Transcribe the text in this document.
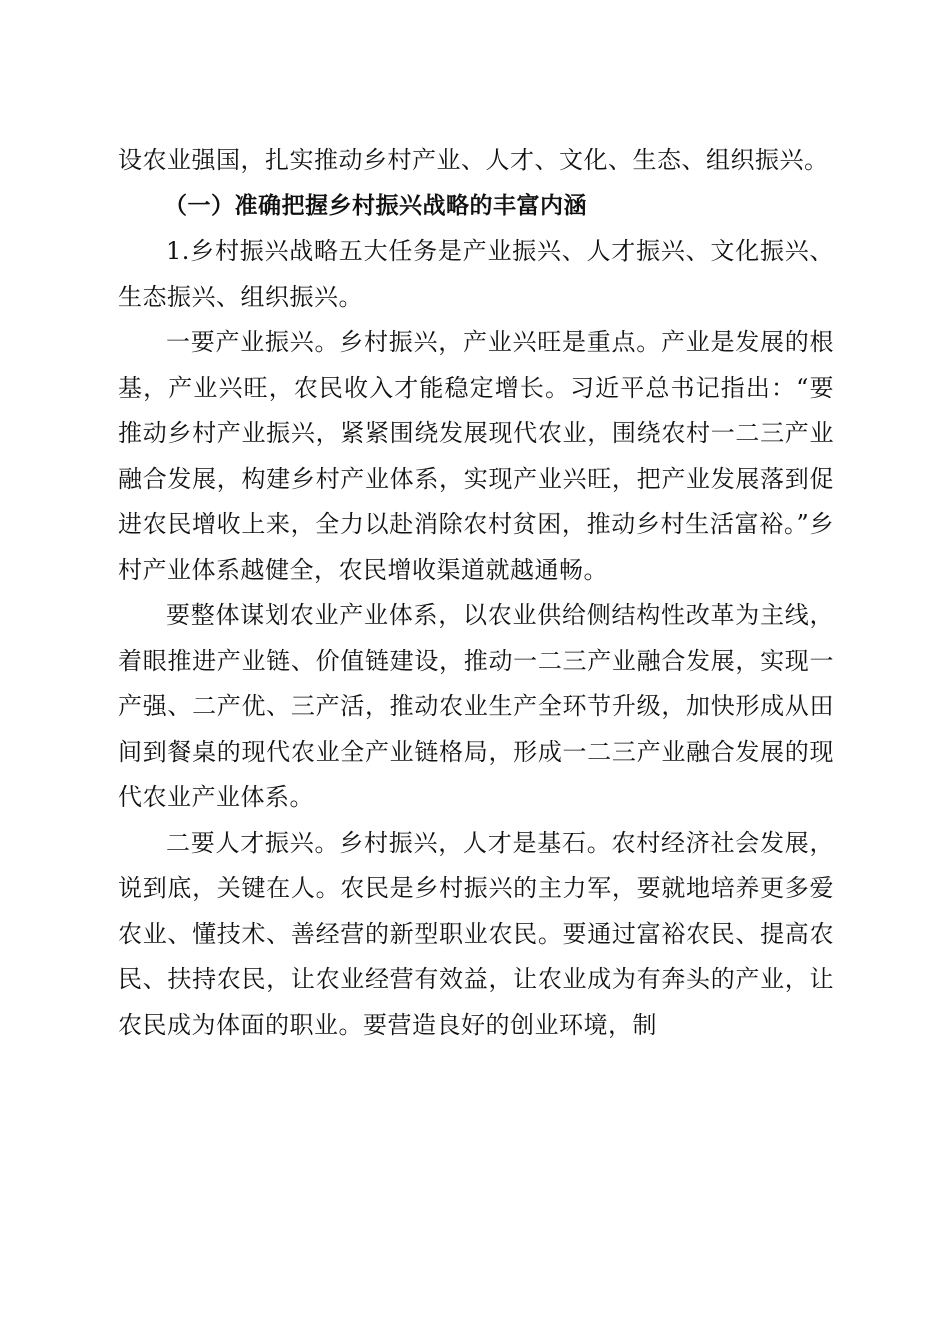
设农业强国，扎实推动乡村产业、人才、文化、生态、组织振兴。

（一）准确把握乡村振兴战略的丰富内涵

1.乡村振兴战略五大任务是产业振兴、人才振兴、文化振兴、生态振兴、组织振兴。

一要产业振兴。乡村振兴，产业兴旺是重点。产业是发展的根基，产业兴旺，农民收入才能稳定增长。习近平总书记指出：“要推动乡村产业振兴，紧紧围绕发展现代农业，围绕农村一二三产业融合发展，构建乡村产业体系，实现产业兴旺，把产业发展落到促进农民增收上来，全力以赴消除农村贫困，推动乡村生活富裕。”乡村产业体系越健全，农民增收渠道就越通畅。

要整体谋划农业产业体系，以农业供给侧结构性改革为主线，着眼推进产业链、价值链建设，推动一二三产业融合发展，实现一产强、二产优、三产活，推动农业生产全环节升级，加快形成从田间到餐桌的现代农业全产业链格局，形成一二三产业融合发展的现代农业产业体系。

二要人才振兴。乡村振兴，人才是基石。农村经济社会发展，说到底，关键在人。农民是乡村振兴的主力军，要就地培养更多爱农业、懂技术、善经营的新型职业农民。要通过富裕农民、提高农民、扶持农民，让农业经营有效益，让农业成为有奔头的产业，让农民成为体面的职业。要营造良好的创业环境，制
